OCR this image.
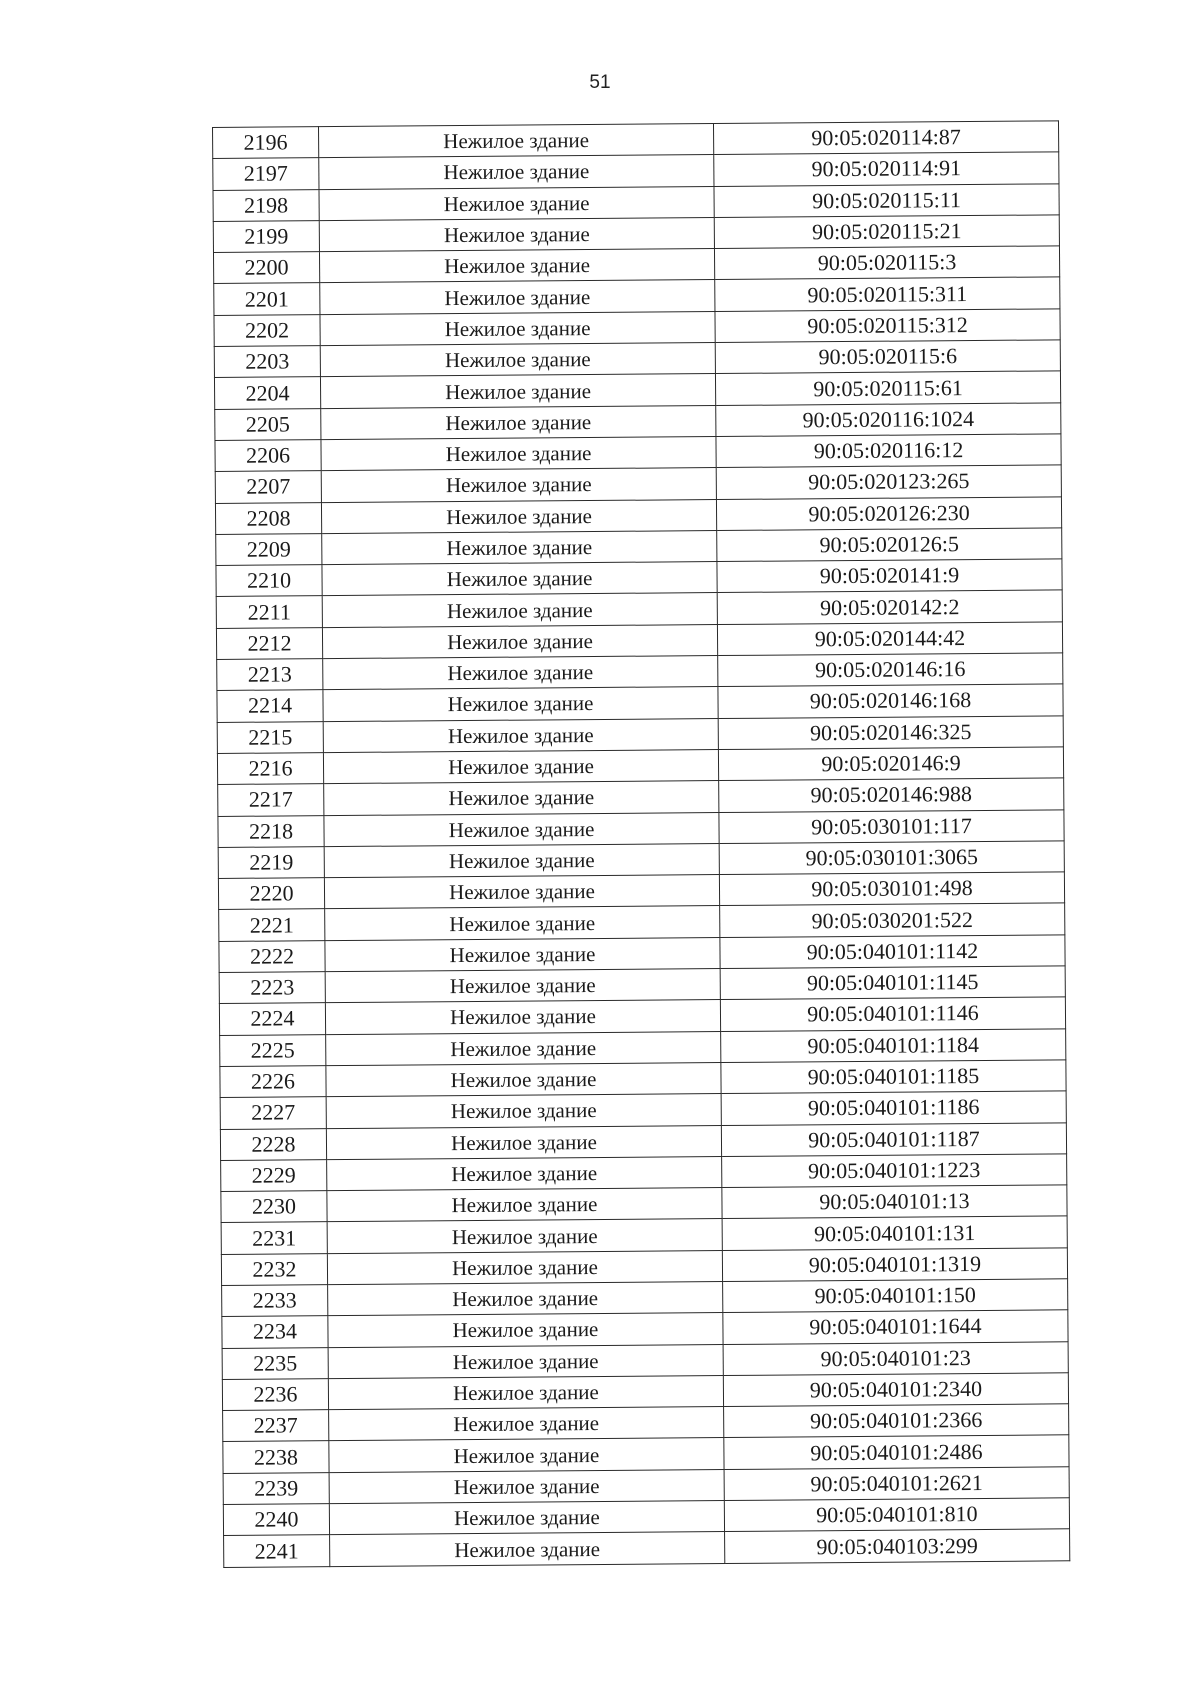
51
2196	Нежилое здание	90:05:020114:87
2197	Нежилое здание	90:05:020114:91
2198	Нежилое здание	90:05:020115:11
2199	Нежилое здание	90:05:020115:21
2200	Нежилое здание	90:05:020115:3
2201	Нежилое здание	90:05:020115:311
2202	Нежилое здание	90:05:020115:312
2203	Нежилое здание	90:05:020115:6
2204	Нежилое здание	90:05:020115:61
2205	Нежилое здание	90:05:020116:1024
2206	Нежилое здание	90:05:020116:12
2207	Нежилое здание	90:05:020123:265
2208	Нежилое здание	90:05:020126:230
2209	Нежилое здание	90:05:020126:5
2210	Нежилое здание	90:05:020141:9
2211	Нежилое здание	90:05:020142:2
2212	Нежилое здание	90:05:020144:42
2213	Нежилое здание	90:05:020146:16
2214	Нежилое здание	90:05:020146:168
2215	Нежилое здание	90:05:020146:325
2216	Нежилое здание	90:05:020146:9
2217	Нежилое здание	90:05:020146:988
2218	Нежилое здание	90:05:030101:117
2219	Нежилое здание	90:05:030101:3065
2220	Нежилое здание	90:05:030101:498
2221	Нежилое здание	90:05:030201:522
2222	Нежилое здание	90:05:040101:1142
2223	Нежилое здание	90:05:040101:1145
2224	Нежилое здание	90:05:040101:1146
2225	Нежилое здание	90:05:040101:1184
2226	Нежилое здание	90:05:040101:1185
2227	Нежилое здание	90:05:040101:1186
2228	Нежилое здание	90:05:040101:1187
2229	Нежилое здание	90:05:040101:1223
2230	Нежилое здание	90:05:040101:13
2231	Нежилое здание	90:05:040101:131
2232	Нежилое здание	90:05:040101:1319
2233	Нежилое здание	90:05:040101:150
2234	Нежилое здание	90:05:040101:1644
2235	Нежилое здание	90:05:040101:23
2236	Нежилое здание	90:05:040101:2340
2237	Нежилое здание	90:05:040101:2366
2238	Нежилое здание	90:05:040101:2486
2239	Нежилое здание	90:05:040101:2621
2240	Нежилое здание	90:05:040101:810
2241	Нежилое здание	90:05:040103:299
